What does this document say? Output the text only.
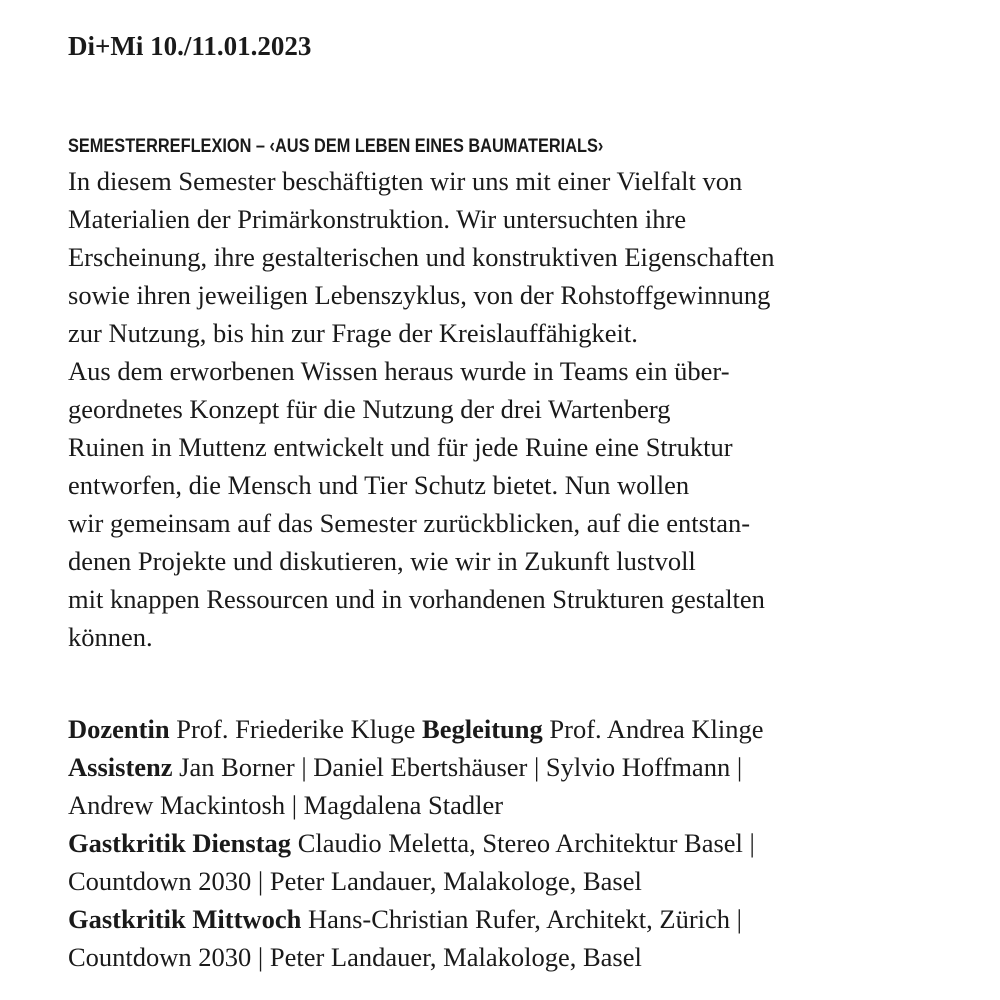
Di+Mi 10./11.01.2023

SEMESTERREFLEXION – ‹AUS DEM LEBEN EINES BAUMATERIALS›

In diesem Semester beschäftigten wir uns mit einer Vielfalt von
Materialien der Primärkonstruktion. Wir untersuchten ihre
Erscheinung, ihre gestalterischen und konstruktiven Eigenschaften
sowie ihren jeweiligen Lebenszyklus, von der Rohstoffgewinnung
zur Nutzung, bis hin zur Frage der Kreislauffähigkeit.
Aus dem erworbenen Wissen heraus wurde in Teams ein über-
geordnetes Konzept für die Nutzung der drei Wartenberg
Ruinen in Muttenz entwickelt und für jede Ruine eine Struktur
entworfen, die Mensch und Tier Schutz bietet. Nun wollen
wir gemeinsam auf das Semester zurückblicken, auf die entstan-
denen Projekte und diskutieren, wie wir in Zukunft lustvoll
mit knappen Ressourcen und in vorhandenen Strukturen gestalten
können.

Dozentin Prof. Friederike Kluge Begleitung Prof. Andrea Klinge
Assistenz Jan Borner | Daniel Ebertshäuser | Sylvio Hoffmann |
Andrew Mackintosh | Magdalena Stadler
Gastkritik Dienstag Claudio Meletta, Stereo Architektur Basel |
Countdown 2030 | Peter Landauer, Malakologe, Basel
Gastkritik Mittwoch Hans-Christian Rufer, Architekt, Zürich |
Countdown 2030 | Peter Landauer, Malakologe, Basel
